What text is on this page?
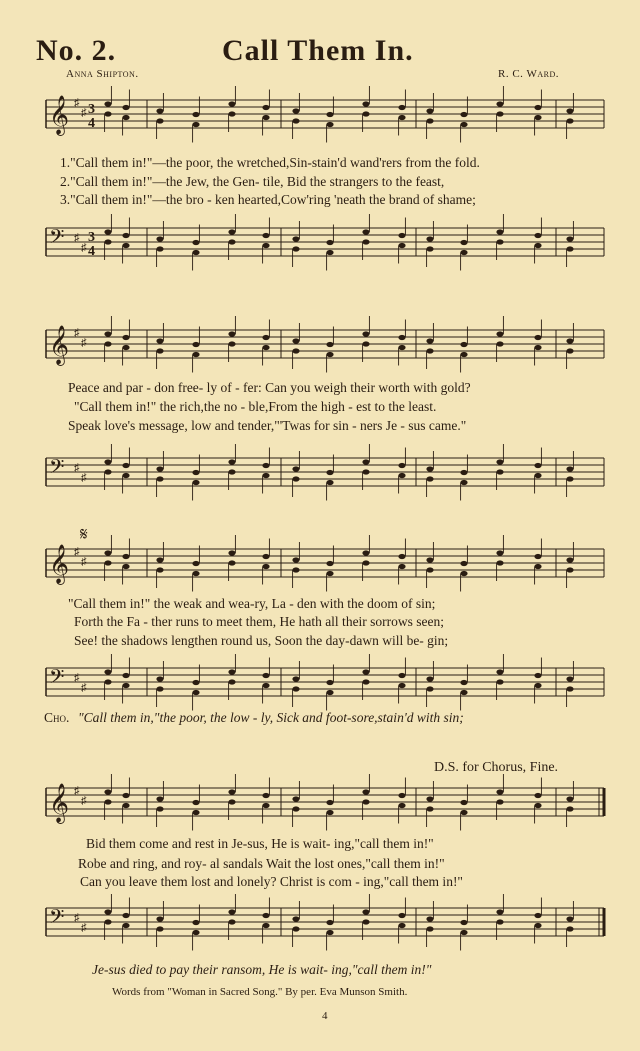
No. 2.	Call Them In.
Anna Shipton.	R. C. Ward.
𝄞 ♯
♯ 3
4
1."Call them in!"—the poor, the wretched,Sin-stain'd wand'rers from the fold.
2."Call them in!"—the Jew, the Gen- tile, Bid the strangers to the feast,
3."Call them in!"—the bro - ken hearted,Cow'ring 'neath the brand of shame;
𝄢 ♯
♯
3
4
𝄞 ♯
♯
Peace and par - don free- ly of - fer: Can you weigh their worth with gold?
"Call them in!" the rich,the no - ble,From the high - est to the least.
Speak love's message, low and tender,"'Twas for sin - ners Je - sus came."
𝄢 ♯
♯
𝄋
𝄞 ♯
♯
"Call them in!" the weak and wea-ry, La - den with the doom of sin;
Forth the Fa - ther runs to meet them, He hath all their sorrows seen;
See! the shadows lengthen round us, Soon the day-dawn will be- gin;
𝄢 ♯
♯
Cho. "Call them in,"the poor, the low - ly, Sick and foot-sore,stain'd with sin;
D.S. for Chorus, Fine.
𝄞 ♯
♯
Bid them come and rest in Je-sus, He is wait- ing,"call them in!"
Robe and ring, and roy- al sandals Wait the lost ones,"call them in!"
Can you leave them lost and lonely? Christ is com - ing,"call them in!"
𝄢 ♯
♯
Je-sus died to pay their ransom, He is wait- ing,"call them in!"
Words from "Woman in Sacred Song." By per. Eva Munson Smith.
4
